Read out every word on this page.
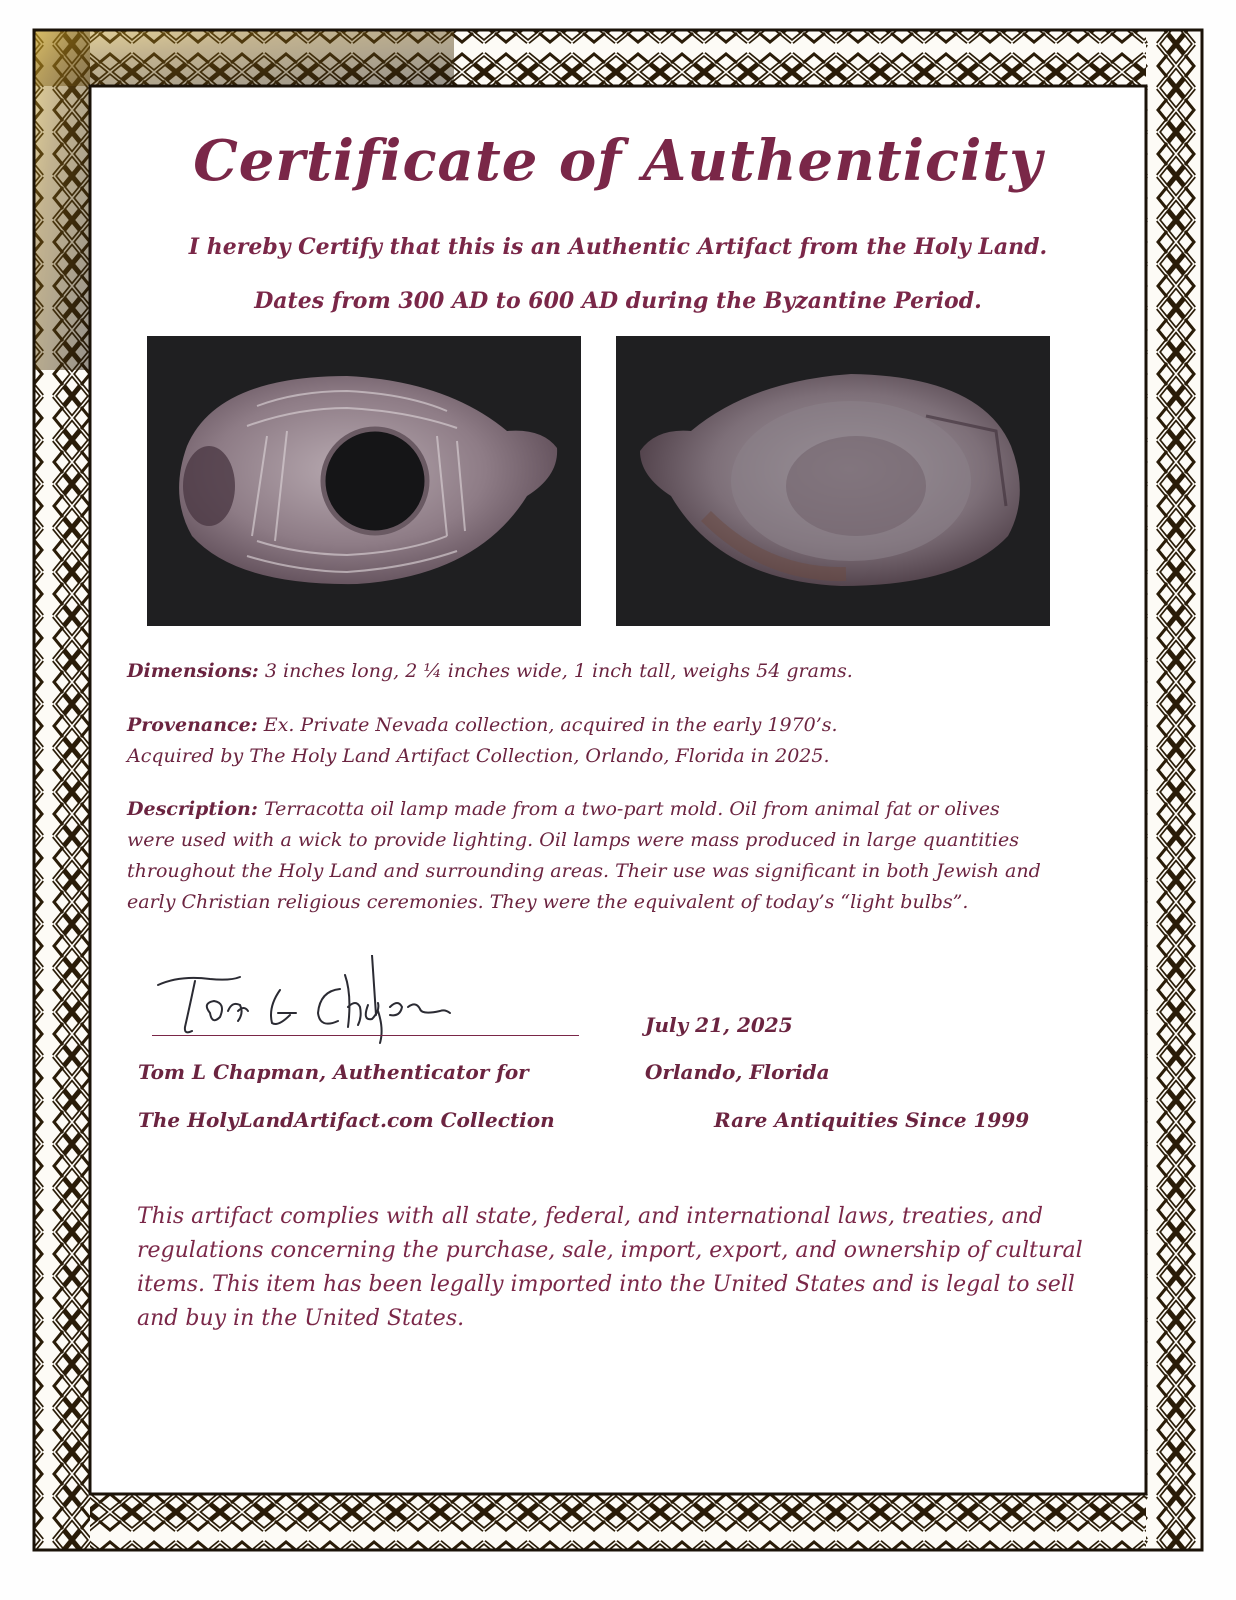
Certificate of Authenticity
I hereby Certify that this is an Authentic Artifact from the Holy Land.
Dates from 300 AD to 600 AD during the Byzantine Period.
Dimensions: 3 inches long, 2 ¼ inches wide, 1 inch tall, weighs 54 grams.
Provenance: Ex. Private Nevada collection, acquired in the early 1970’s.
Acquired by The Holy Land Artifact Collection, Orlando, Florida in 2025.
Description: Terracotta oil lamp made from a two-part mold. Oil from animal fat or olives were used with a wick to provide lighting. Oil lamps were mass produced in large quantities throughout the Holy Land and surrounding areas. Their use was significant in both Jewish and early Christian religious ceremonies. They were the equivalent of today’s “light bulbs”.
Tom L Chapman, Authenticator for
The HolyLandArtifact.com Collection
July 21, 2025
Orlando, Florida
Rare Antiquities Since 1999
This artifact complies with all state, federal, and international laws, treaties, and regulations concerning the purchase, sale, import, export, and ownership of cultural items. This item has been legally imported into the United States and is legal to sell and buy in the United States.
